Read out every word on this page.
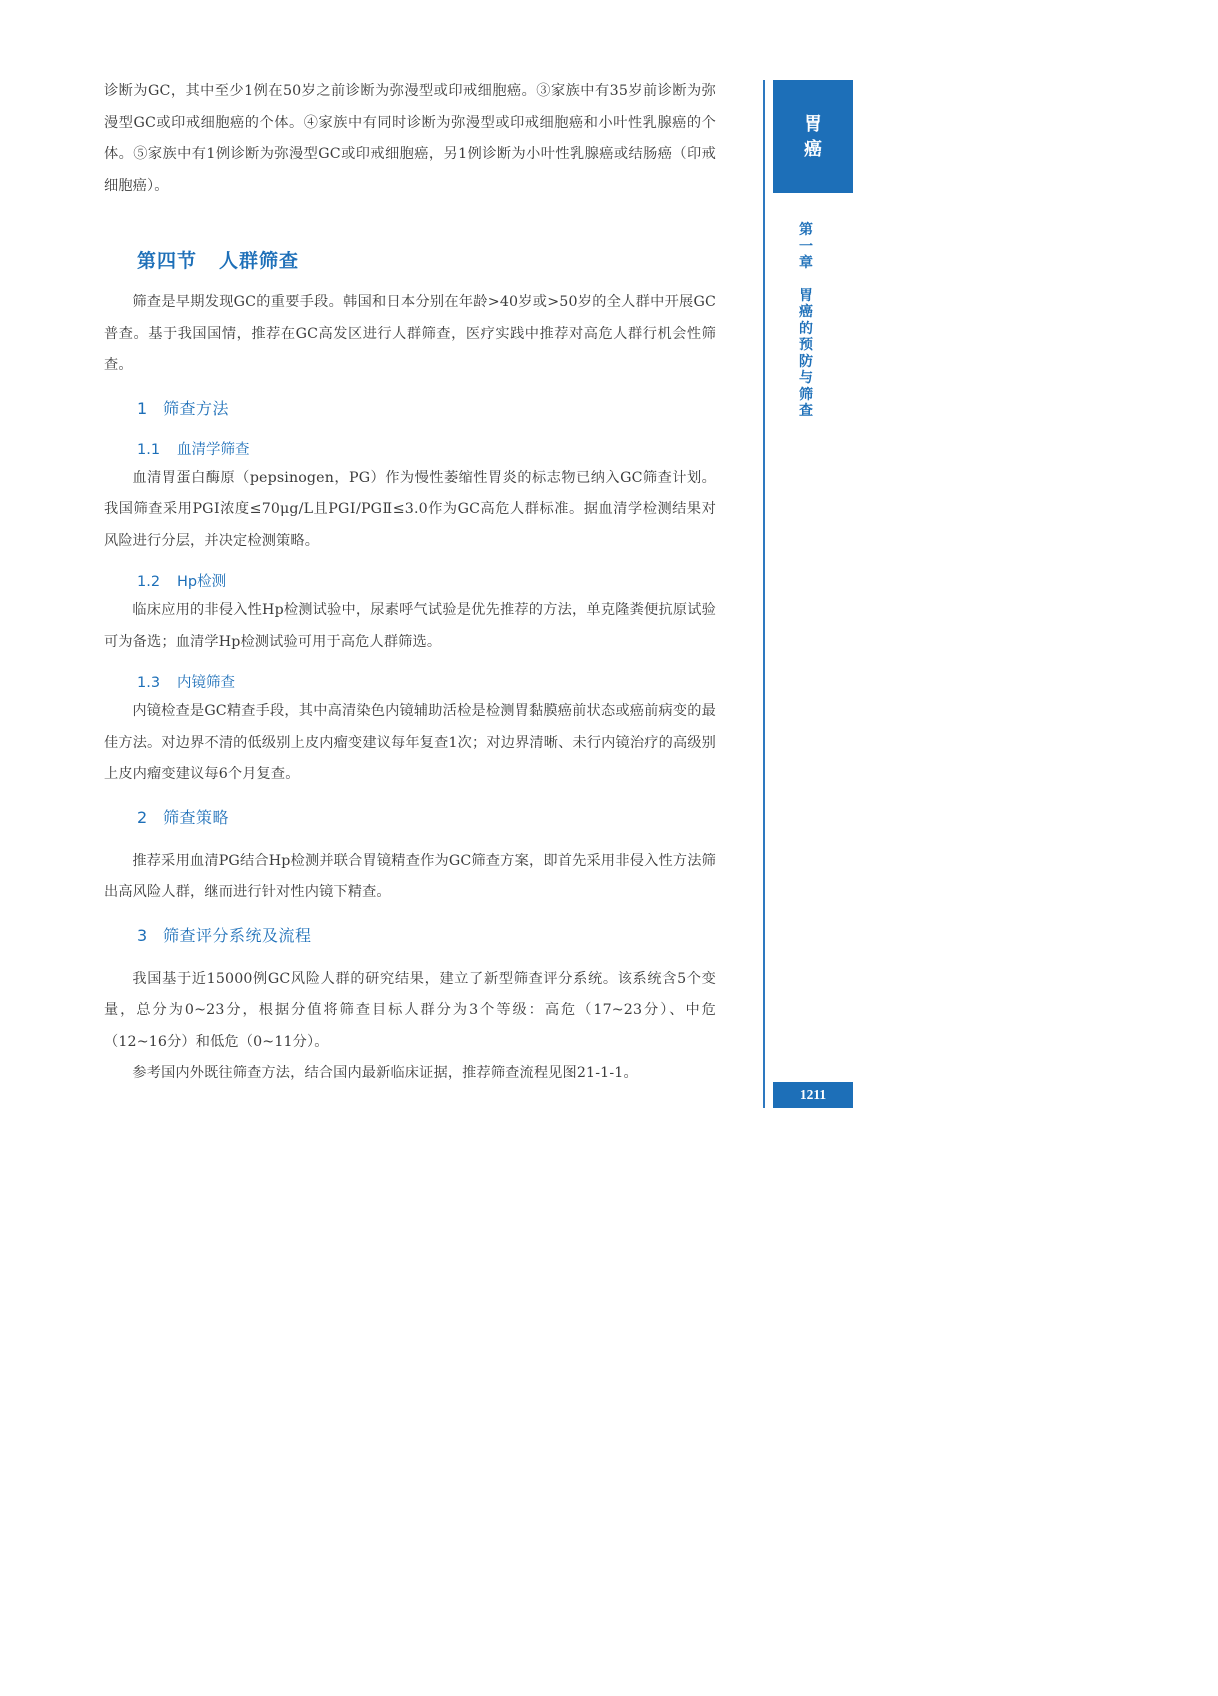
诊断为GC，其中至少1例在50岁之前诊断为弥漫型或印戒细胞癌。③家族中有35岁前诊断为弥漫型GC或印戒细胞癌的个体。④家族中有同时诊断为弥漫型或印戒细胞癌和小叶性乳腺癌的个体。⑤家族中有1例诊断为弥漫型GC或印戒细胞癌，另1例诊断为小叶性乳腺癌或结肠癌（印戒细胞癌）。

第四节 人群筛查

筛查是早期发现GC的重要手段。韩国和日本分别在年龄>40岁或>50岁的全人群中开展GC普查。基于我国国情，推荐在GC高发区进行人群筛查，医疗实践中推荐对高危人群行机会性筛查。

1 筛查方法
1.1 血清学筛查

血清胃蛋白酶原（pepsinogen，PG）作为慢性萎缩性胃炎的标志物已纳入GC筛查计划。我国筛查采用PGⅠ浓度≤70μg/L且PGⅠ/PGⅡ≤3.0作为GC高危人群标准。据血清学检测结果对风险进行分层，并决定检测策略。

1.2 Hp检测

临床应用的非侵入性Hp检测试验中，尿素呼气试验是优先推荐的方法，单克隆粪便抗原试验可为备选；血清学Hp检测试验可用于高危人群筛选。

1.3 内镜筛查

内镜检查是GC精查手段，其中高清染色内镜辅助活检是检测胃黏膜癌前状态或癌前病变的最佳方法。对边界不清的低级别上皮内瘤变建议每年复查1次；对边界清晰、未行内镜治疗的高级别上皮内瘤变建议每6个月复查。

2 筛查策略

推荐采用血清PG结合Hp检测并联合胃镜精查作为GC筛查方案，即首先采用非侵入性方法筛出高风险人群，继而进行针对性内镜下精查。

3 筛查评分系统及流程

我国基于近15000例GC风险人群的研究结果，建立了新型筛查评分系统。该系统含5个变量，总分为0~23分，根据分值将筛查目标人群分为3个等级：高危（17~23分）、中危（12~16分）和低危（0~11分）。

参考国内外既往筛查方法，结合国内最新临床证据，推荐筛查流程见图21-1-1。

胃
癌
第
一
章
胃
癌
的
预
防
与
筛
查
1211
